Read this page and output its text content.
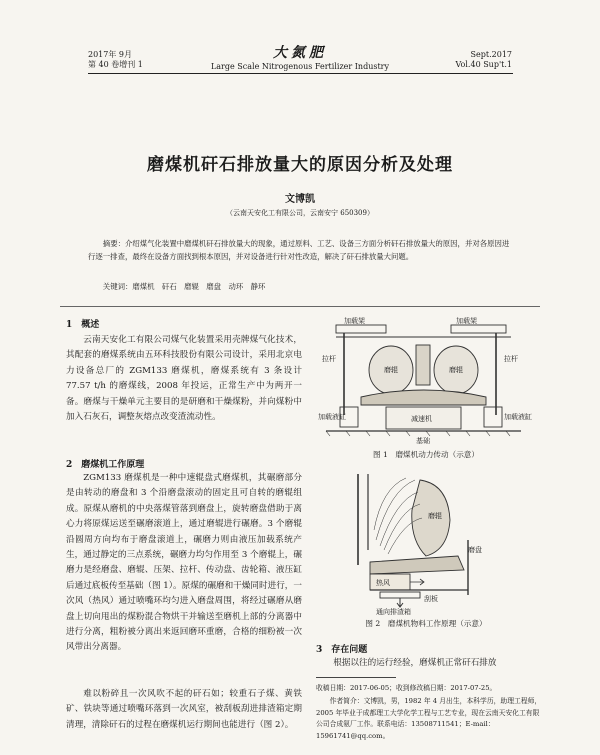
2017年 9月
第 40 卷增刊 1
大氮肥
Large Scale Nitrogenous Fertilizer Industry
Sept.2017
Vol.40 Sup't.1
磨煤机矸石排放量大的原因分析及处理
文博凯
（云南天安化工有限公司，云南安宁 650309）
摘要：介绍煤气化装置中磨煤机矸石排放量大的现象，通过原料、工艺、设备三方面分析矸石排放量大的原因，并对各原因进行逐一排查，最终在设备方面找到根本原因，并对设备进行针对性改造，解决了矸石排放量大问题。
关键词：磨煤机　矸石　磨辊　磨盘　动环　静环
1　概述
云南天安化工有限公司煤气化装置采用壳牌煤气化技术，其配套的磨煤系统由五环科技股份有限公司设计，采用北京电力设备总厂的 ZGM133 磨煤机，磨煤系统有 3 条设计 77.57 t/h 的磨煤线，2008 年投运，正常生产中为两开一备。磨煤与干燥单元主要目的是研磨和干燥煤粉，并向煤粉中加入石灰石，调整灰熔点改变渣流动性。
2　磨煤机工作原理
ZGM133 磨煤机是一种中速辊盘式磨煤机，其碾磨部分是由转动的磨盘和 3 个沿磨盘滚动的固定且可自转的磨辊组成。原煤从磨机的中央落煤管落到磨盘上，旋转磨盘借助于离心力将原煤运送至碾磨滚道上，通过磨辊进行碾磨。3 个磨辊沿圆周方向均布于磨盘滚道上，碾磨力则由液压加载系统产生，通过静定的三点系统，碾磨力均匀作用至 3 个磨辊上，碾磨力是经磨盘、磨辊、压架、拉杆、传动盘、齿轮箱、液压缸后通过底板传至基础（图 1）。原煤的碾磨和干燥同时进行，一次风（热风）通过喷嘴环均匀进入磨盘周围，将经过碾磨从磨盘上切向甩出的煤粉混合物烘干并输送至磨机上部的分离器中进行分离，粗粉被分离出来返回磨环重磨，合格的细粉被一次风带出分离器。
难以粉碎且一次风吹不起的矸石如；较重石子煤、黄铁矿、铁块等通过喷嘴环落到一次风室，被刮板刮进排渣箱定期清理，清除矸石的过程在磨煤机运行期间也能进行（图 2）。
加载架	加载架
拉杆	拉杆
磨辊	磨辊
加载液缸	加载液缸
减速机
基础
图 1　磨煤机动力传动（示意）
磨辊
磨盘
热风
刮板
通向排渣箱
图 2　磨煤机物料工作原理（示意）
3　存在问题
根据以往的运行经验，磨煤机正常矸石排放
收稿日期：2017-06-05；收到修改稿日期：2017-07-25。
作者简介：文博凯，男，1982 年 4 月出生，本科学历，助理工程师，2005 年毕业于成都理工大学化学工程与工艺专业，现在云南天安化工有限公司合成氨厂工作。联系电话：13508711541；E-mail：15961741@qq.com。
